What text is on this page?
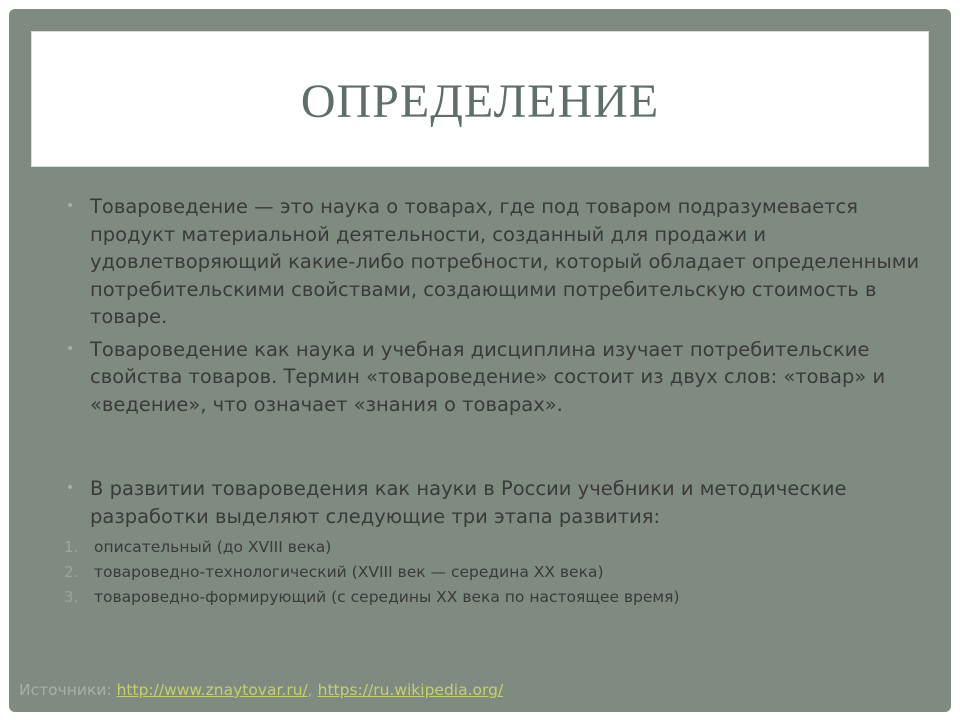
ОПРЕДЕЛЕНИЕ
• Товароведение — это наука о товарах, где под товаром подразумевается продукт материальной деятельности, созданный для продажи и удовлетворяющий какие-либо потребности, который обладает определенными потребительскими свойствами, создающими потребительскую стоимость в товаре.
• Товароведение как наука и учебная дисциплина изучает потребительские свойства товаров. Термин «товароведение» состоит из двух слов: «товар» и «ведение», что означает «знания о товарах».
• В развитии товароведения как науки в России учебники и методические разработки выделяют следующие три этапа развития:
1. описательный (до XVIII века)
2. товароведно-технологический (XVIII век — середина XX века)
3. товароведно-формирующий (с середины XX века по настоящее время)
Источники: http://www.znaytovar.ru/, https://ru.wikipedia.org/
